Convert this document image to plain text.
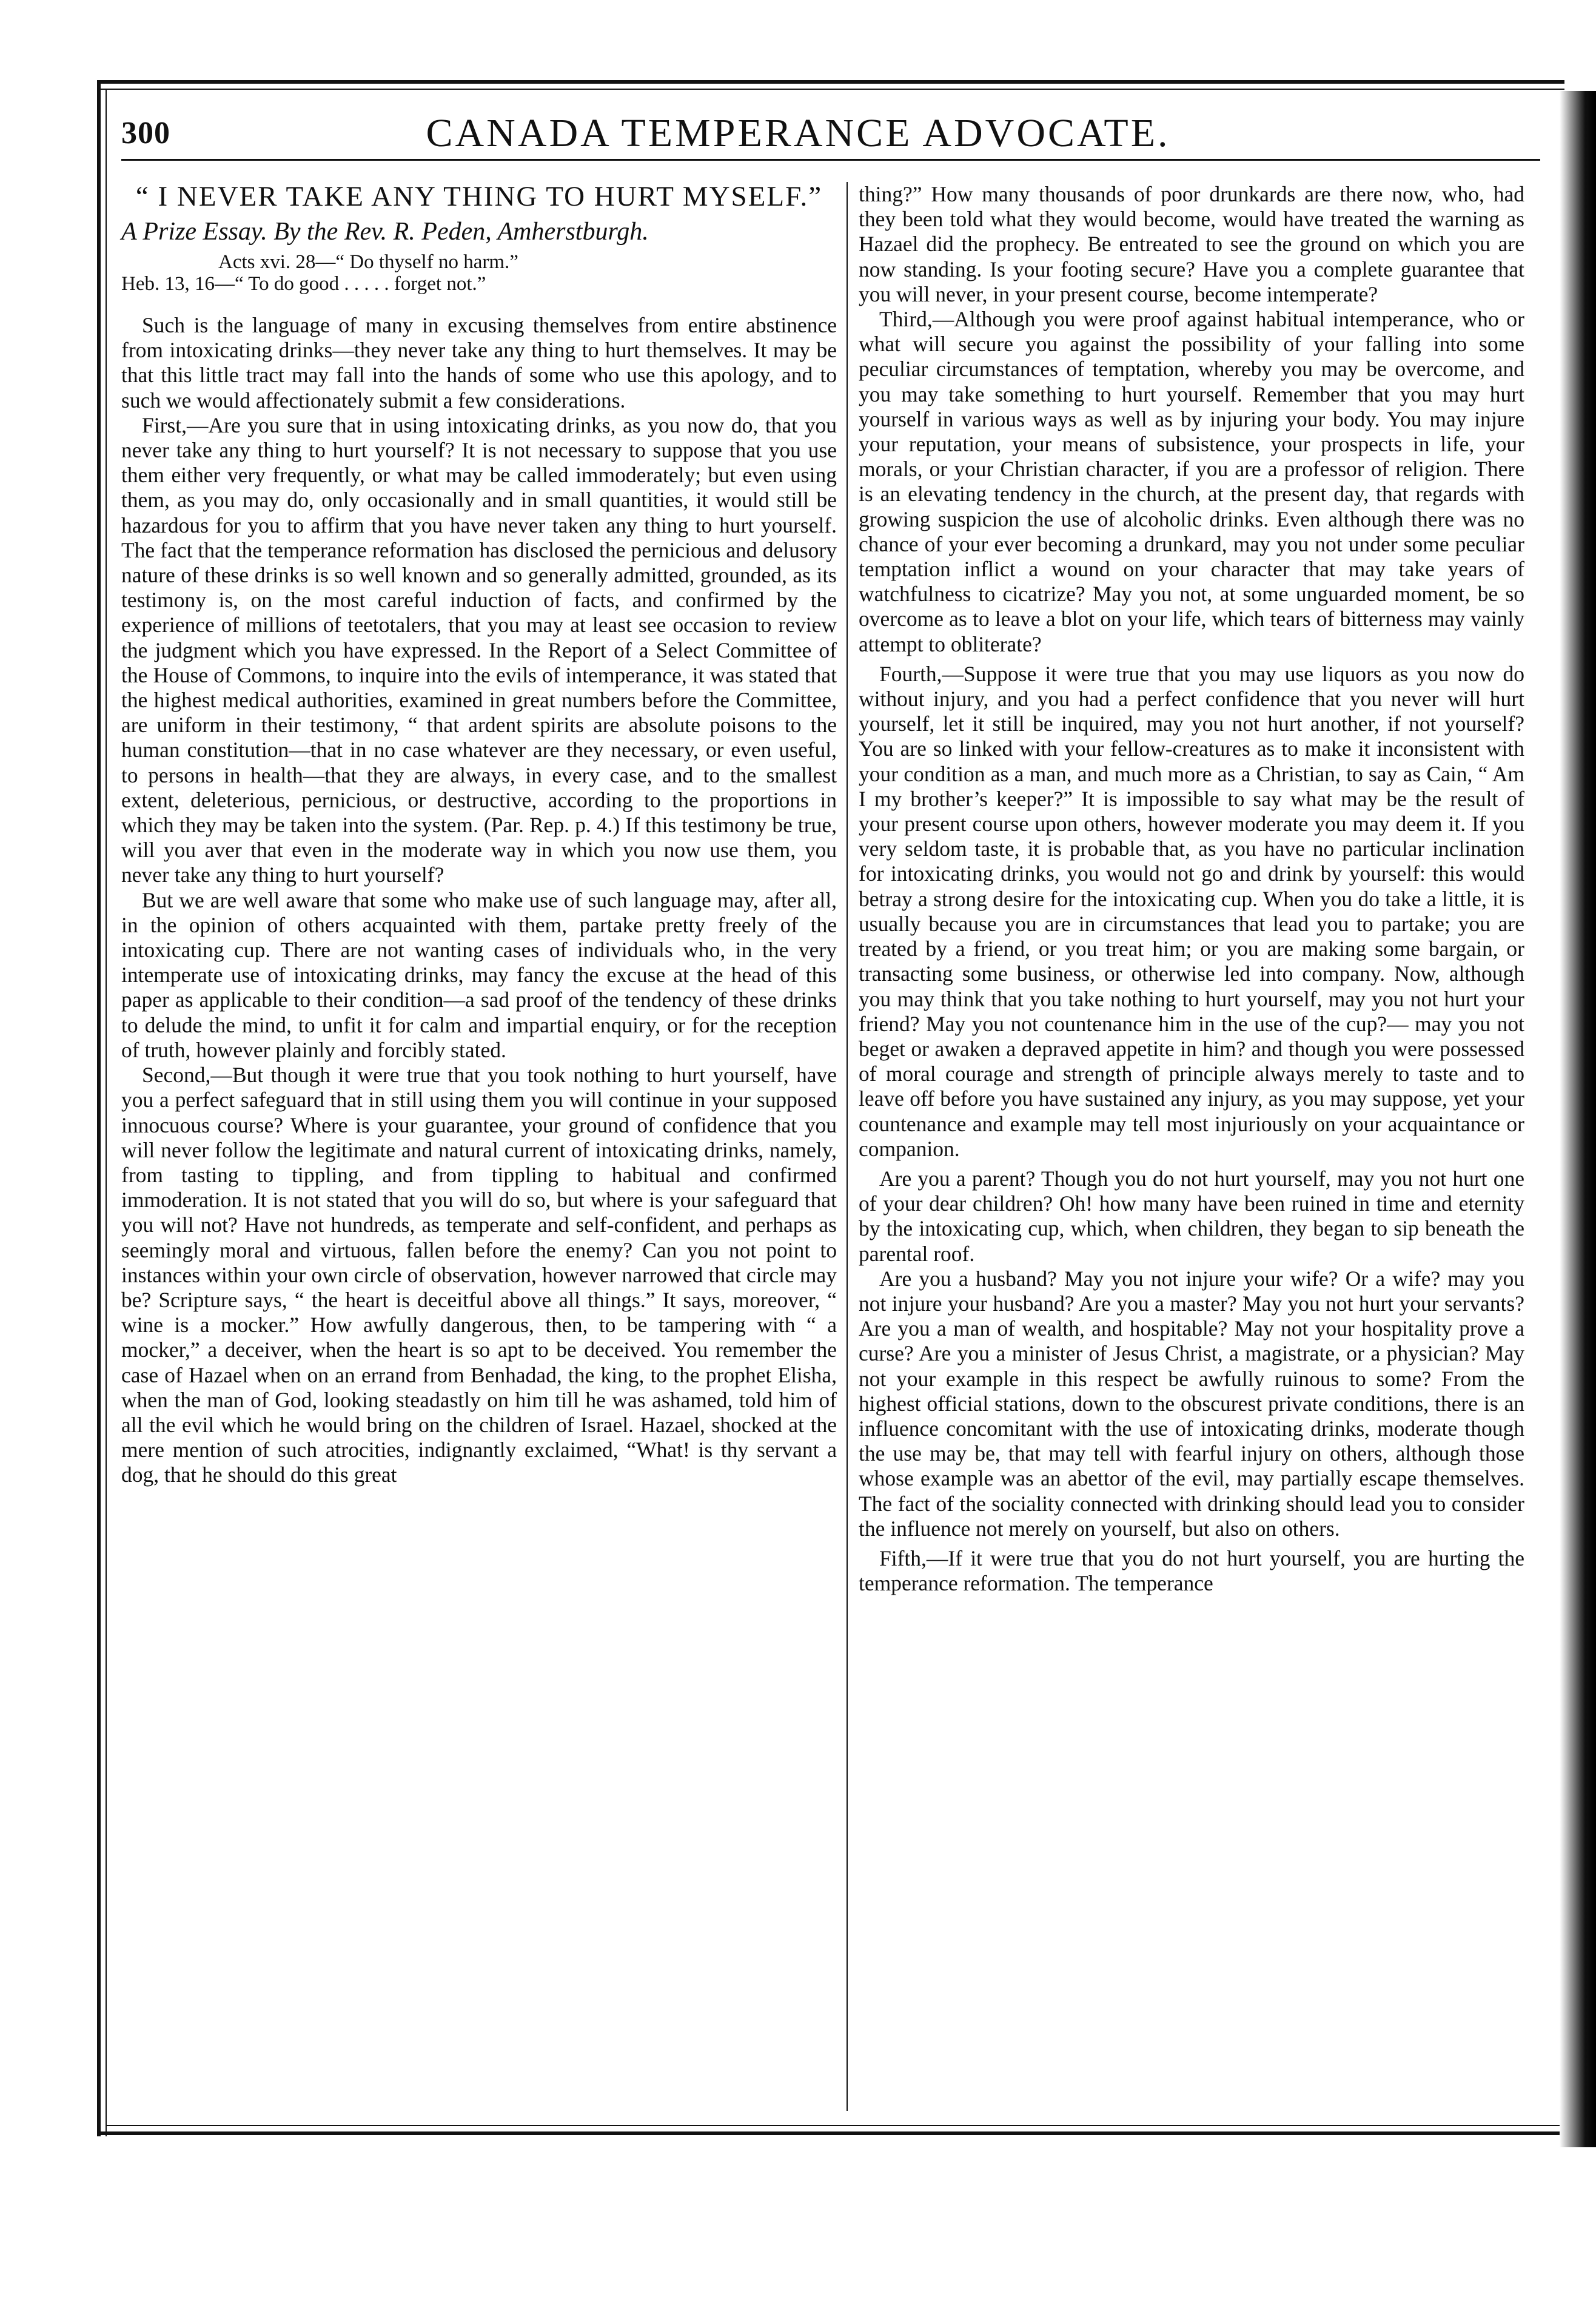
300	CANADA TEMPERANCE ADVOCATE.
“ I NEVER TAKE ANY THING TO HURT MYSELF.”
A Prize Essay. By the Rev. R. Peden, Amherstburgh.
Acts xvi. 28—“ Do thyself no harm.”
Heb. 13, 16—“ To do good . . . . . forget not.”

Such is the language of many in excusing themselves from entire abstinence from intoxicating drinks—they never take any thing to hurt themselves. It may be that this little tract may fall into the hands of some who use this apology, and to such we would affectionately submit a few considerations.

First,—Are you sure that in using intoxicating drinks, as you now do, that you never take any thing to hurt yourself? It is not necessary to suppose that you use them either very frequently, or what may be called immoderately; but even using them, as you may do, only occasionally and in small quantities, it would still be hazardous for you to affirm that you have never taken any thing to hurt yourself. The fact that the temperance reformation has disclosed the pernicious and delusory nature of these drinks is so well known and so generally admitted, grounded, as its testimony is, on the most careful induction of facts, and confirmed by the experience of millions of teetotalers, that you may at least see occasion to review the judgment which you have expressed. In the Report of a Select Committee of the House of Commons, to inquire into the evils of intemperance, it was stated that the highest medical authorities, examined in great numbers before the Committee, are uniform in their testimony, “ that ardent spirits are absolute poisons to the human constitution—that in no case whatever are they necessary, or even useful, to persons in health—that they are always, in every case, and to the smallest extent, deleterious, pernicious, or destructive, according to the proportions in which they may be taken into the system. (Par. Rep. p. 4.) If this testimony be true, will you aver that even in the moderate way in which you now use them, you never take any thing to hurt yourself?

But we are well aware that some who make use of such language may, after all, in the opinion of others acquainted with them, partake pretty freely of the intoxicating cup. There are not wanting cases of individuals who, in the very intemperate use of intoxicating drinks, may fancy the excuse at the head of this paper as applicable to their condition—a sad proof of the tendency of these drinks to delude the mind, to unfit it for calm and impartial enquiry, or for the reception of truth, however plainly and forcibly stated.

Second,—But though it were true that you took nothing to hurt yourself, have you a perfect safeguard that in still using them you will continue in your supposed innocuous course? Where is your guarantee, your ground of confidence that you will never follow the legitimate and natural current of intoxicating drinks, namely, from tasting to tippling, and from tippling to habitual and confirmed immoderation. It is not stated that you will do so, but where is your safeguard that you will not? Have not hundreds, as temperate and self-confident, and perhaps as seemingly moral and virtuous, fallen before the enemy? Can you not point to instances within your own circle of observation, however narrowed that circle may be? Scripture says, “ the heart is deceitful above all things.” It says, moreover, “ wine is a mocker.” How awfully dangerous, then, to be tampering with “ a mocker,” a deceiver, when the heart is so apt to be deceived. You remember the case of Hazael when on an errand from Benhadad, the king, to the prophet Elisha, when the man of God, looking steadastly on him till he was ashamed, told him of all the evil which he would bring on the children of Israel. Hazael, shocked at the mere mention of such atrocities, indignantly exclaimed, “What! is thy servant a dog, that he should do this great

thing?” How many thousands of poor drunkards are there now, who, had they been told what they would become, would have treated the warning as Hazael did the prophecy. Be entreated to see the ground on which you are now standing. Is your footing secure? Have you a complete guarantee that you will never, in your present course, become intemperate?

Third,—Although you were proof against habitual intemperance, who or what will secure you against the possibility of your falling into some peculiar circumstances of temptation, whereby you may be overcome, and you may take something to hurt yourself. Remember that you may hurt yourself in various ways as well as by injuring your body. You may injure your reputation, your means of subsistence, your prospects in life, your morals, or your Christian character, if you are a professor of religion. There is an elevating tendency in the church, at the present day, that regards with growing suspicion the use of alcoholic drinks. Even although there was no chance of your ever becoming a drunkard, may you not under some peculiar temptation inflict a wound on your character that may take years of watchfulness to cicatrize? May you not, at some unguarded moment, be so overcome as to leave a blot on your life, which tears of bitterness may vainly attempt to obliterate?

Fourth,—Suppose it were true that you may use liquors as you now do without injury, and you had a perfect confidence that you never will hurt yourself, let it still be inquired, may you not hurt another, if not yourself? You are so linked with your fellow-creatures as to make it inconsistent with your condition as a man, and much more as a Christian, to say as Cain, “ Am I my brother’s keeper?” It is impossible to say what may be the result of your present course upon others, however moderate you may deem it. If you very seldom taste, it is probable that, as you have no particular inclination for intoxicating drinks, you would not go and drink by yourself: this would betray a strong desire for the intoxicating cup. When you do take a little, it is usually because you are in circumstances that lead you to partake; you are treated by a friend, or you treat him; or you are making some bargain, or transacting some business, or otherwise led into company. Now, although you may think that you take nothing to hurt yourself, may you not hurt your friend? May you not countenance him in the use of the cup?— may you not beget or awaken a depraved appetite in him? and though you were possessed of moral courage and strength of principle always merely to taste and to leave off before you have sustained any injury, as you may suppose, yet your countenance and example may tell most injuriously on your acquaintance or companion.

Are you a parent? Though you do not hurt yourself, may you not hurt one of your dear children? Oh! how many have been ruined in time and eternity by the intoxicating cup, which, when children, they began to sip beneath the parental roof.

Are you a husband? May you not injure your wife? Or a wife? may you not injure your husband? Are you a master? May you not hurt your servants? Are you a man of wealth, and hospitable? May not your hospitality prove a curse? Are you a minister of Jesus Christ, a magistrate, or a physician? May not your example in this respect be awfully ruinous to some? From the highest official stations, down to the obscurest private conditions, there is an influence concomitant with the use of intoxicating drinks, moderate though the use may be, that may tell with fearful injury on others, although those whose example was an abettor of the evil, may partially escape themselves. The fact of the sociality connected with drinking should lead you to consider the influence not merely on yourself, but also on others.

Fifth,—If it were true that you do not hurt yourself, you are hurting the temperance reformation. The temperance
